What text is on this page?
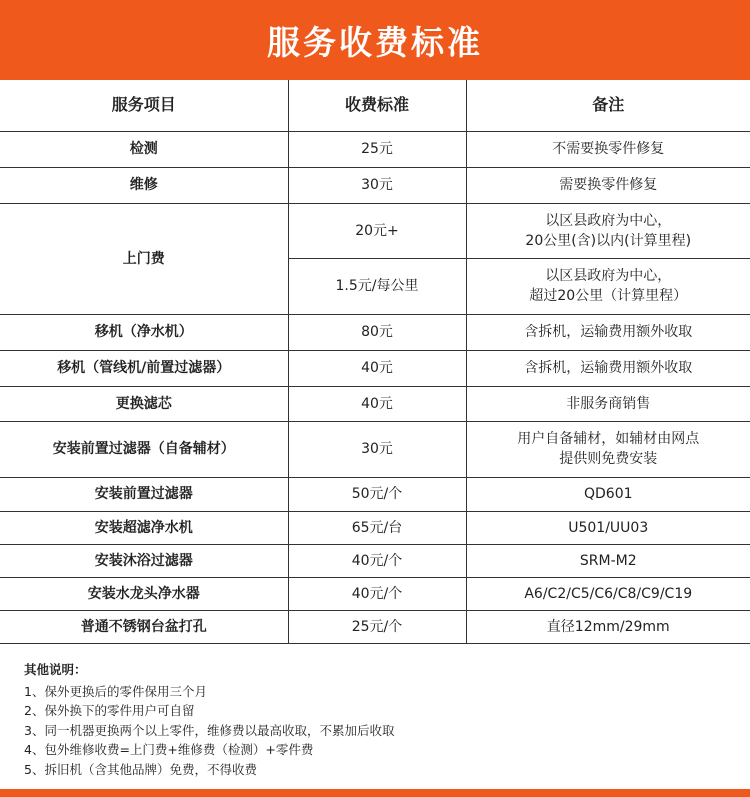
服务收费标准
服务项目	收费标准	备注
检测	25元	不需要换零件修复
维修	30元	需要换零件修复
上门费	20元+	以区县政府为中心，
20公里(含)以内(计算里程)

	1.5元/每公里	以区县政府为中心，
超过20公里（计算里程）

移机（净水机）	80元	含拆机，运输费用额外收取
移机（管线机/前置过滤器）	40元	含拆机，运输费用额外收取
更换滤芯	40元	非服务商销售
安装前置过滤器（自备辅材）	30元	用户自备辅材，如辅材由网点
提供则免费安装

安装前置过滤器	50元/个	QD601
安装超滤净水机	65元/台	U501/UU03
安装沐浴过滤器	40元/个	SRM-M2
安装水龙头净水器	40元/个	A6/C2/C5/C6/C8/C9/C19
普通不锈钢台盆打孔	25元/个	直径12mm/29mm
其他说明：
1、保外更换后的零件保用三个月
2、保外换下的零件用户可自留
3、同一机器更换两个以上零件，维修费以最高收取，不累加后收取
4、包外维修收费=上门费+维修费（检测）+零件费
5、拆旧机（含其他品牌）免费，不得收费
